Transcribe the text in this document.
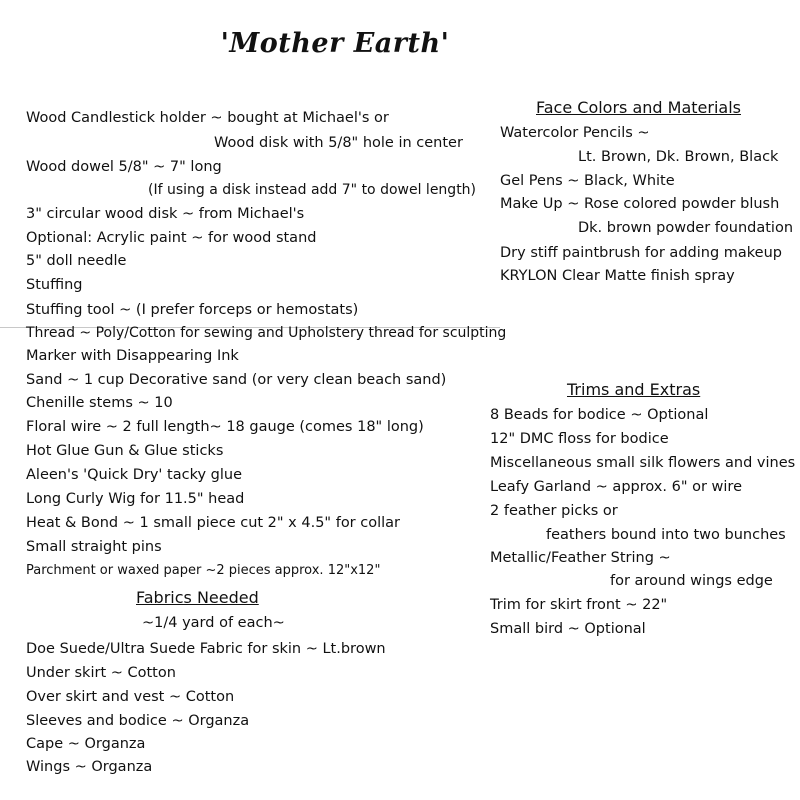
'Mother Earth'
Wood Candlestick holder ~ bought at Michael's or
Wood disk with 5/8" hole in center
Wood dowel 5/8" ~ 7" long
(If using a disk instead add 7" to dowel length)
3" circular wood disk ~ from Michael's
Optional: Acrylic paint ~ for wood stand
5" doll needle
Stuffing
Stuffing tool ~ (I prefer forceps or hemostats)
Thread ~ Poly/Cotton for sewing and Upholstery thread for sculpting
Marker with Disappearing Ink
Sand ~ 1 cup Decorative sand (or very clean beach sand)
Chenille stems ~ 10
Floral wire ~ 2 full length~ 18 gauge (comes 18" long)
Hot Glue Gun & Glue sticks
Aleen's 'Quick Dry' tacky glue
Long Curly Wig for 11.5" head
Heat & Bond ~ 1 small piece cut 2" x 4.5" for collar
Small straight pins
Parchment or waxed paper ~2 pieces approx. 12"x12"
Fabrics Needed
~1/4 yard of each~
Doe Suede/Ultra Suede Fabric for skin ~ Lt.brown
Under skirt ~ Cotton
Over skirt and vest ~ Cotton
Sleeves and bodice ~ Organza
Cape ~ Organza
Wings ~ Organza
Face Colors and Materials
Watercolor Pencils ~
Lt. Brown, Dk. Brown, Black
Gel Pens ~ Black, White
Make Up ~ Rose colored powder blush
Dk. brown powder foundation
Dry stiff paintbrush for adding makeup
KRYLON Clear Matte finish spray
Trims and Extras
8 Beads for bodice ~ Optional
12" DMC floss for bodice
Miscellaneous small silk flowers and vines
Leafy Garland ~ approx. 6" or wire
2 feather picks or
feathers bound into two bunches
Metallic/Feather String ~
for around wings edge
Trim for skirt front ~ 22"
Small bird ~ Optional
